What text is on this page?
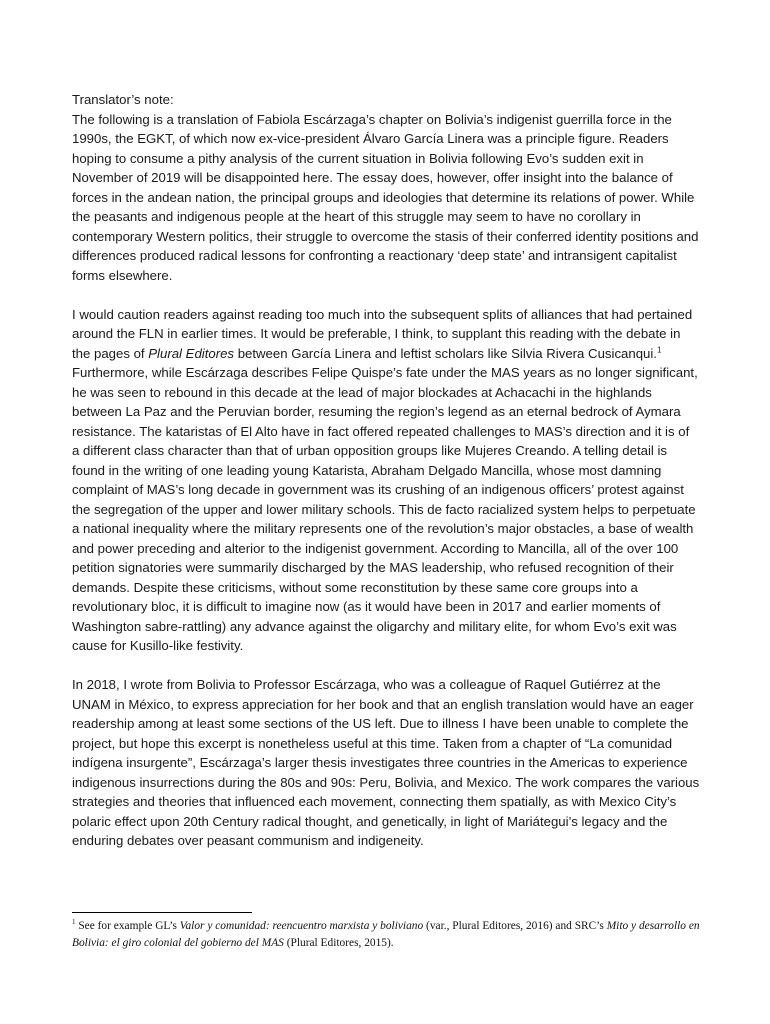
Translator’s note:

The following is a translation of Fabiola Escárzaga’s chapter on Bolivia’s indigenist guerrilla force in the 1990s, the EGKT, of which now ex-vice-president Álvaro García Linera was a principle figure. Readers hoping to consume a pithy analysis of the current situation in Bolivia following Evo’s sudden exit in November of 2019 will be disappointed here. The essay does, however, offer insight into the balance of forces in the andean nation, the principal groups and ideologies that determine its relations of power. While the peasants and indigenous people at the heart of this struggle may seem to have no corollary in contemporary Western politics, their struggle to overcome the stasis of their conferred identity positions and differences produced radical lessons for confronting a reactionary ‘deep state’ and intransigent capitalist forms elsewhere.

I would caution readers against reading too much into the subsequent splits of alliances that had pertained around the FLN in earlier times. It would be preferable, I think, to supplant this reading with the debate in the pages of Plural Editores between García Linera and leftist scholars like Silvia Rivera Cusicanqui.$^1$ Furthermore, while Escárzaga describes Felipe Quispe’s fate under the MAS years as no longer significant, he was seen to rebound in this decade at the lead of major blockades at Achacachi in the highlands between La Paz and the Peruvian border, resuming the region’s legend as an eternal bedrock of Aymara resistance. The kataristas of El Alto have in fact offered repeated challenges to MAS’s direction and it is of a different class character than that of urban opposition groups like Mujeres Creando. A telling detail is found in the writing of one leading young Katarista, Abraham Delgado Mancilla, whose most damning complaint of MAS’s long decade in government was its crushing of an indigenous officers’ protest against the segregation of the upper and lower military schools. This de facto racialized system helps to perpetuate a national inequality where the military represents one of the revolution’s major obstacles, a base of wealth and power preceding and alterior to the indigenist government. According to Mancilla, all of the over 100 petition signatories were summarily discharged by the MAS leadership, who refused recognition of their demands. Despite these criticisms, without some reconstitution by these same core groups into a revolutionary bloc, it is difficult to imagine now (as it would have been in 2017 and earlier moments of Washington sabre-rattling) any advance against the oligarchy and military elite, for whom Evo’s exit was cause for Kusillo-like festivity.

In 2018, I wrote from Bolivia to Professor Escárzaga, who was a colleague of Raquel Gutiérrez at the UNAM in México, to express appreciation for her book and that an english translation would have an eager readership among at least some sections of the US left. Due to illness I have been unable to complete the project, but hope this excerpt is nonetheless useful at this time. Taken from a chapter of “La comunidad indígena insurgente”, Escárzaga’s larger thesis investigates three countries in the Americas to experience indigenous insurrections during the 80s and 90s: Peru, Bolivia, and Mexico. The work compares the various strategies and theories that influenced each movement, connecting them spatially, as with Mexico City’s polaric effect upon 20th Century radical thought, and genetically, in light of Mariátegui’s legacy and the enduring debates over peasant communism and indigeneity.

$^1$ See for example GL’s Valor y comunidad: reencuentro marxista y boliviano (var., Plural Editores, 2016) and SRC’s Mito y desarrollo en Bolivia: el giro colonial del gobierno del MAS (Plural Editores, 2015).
